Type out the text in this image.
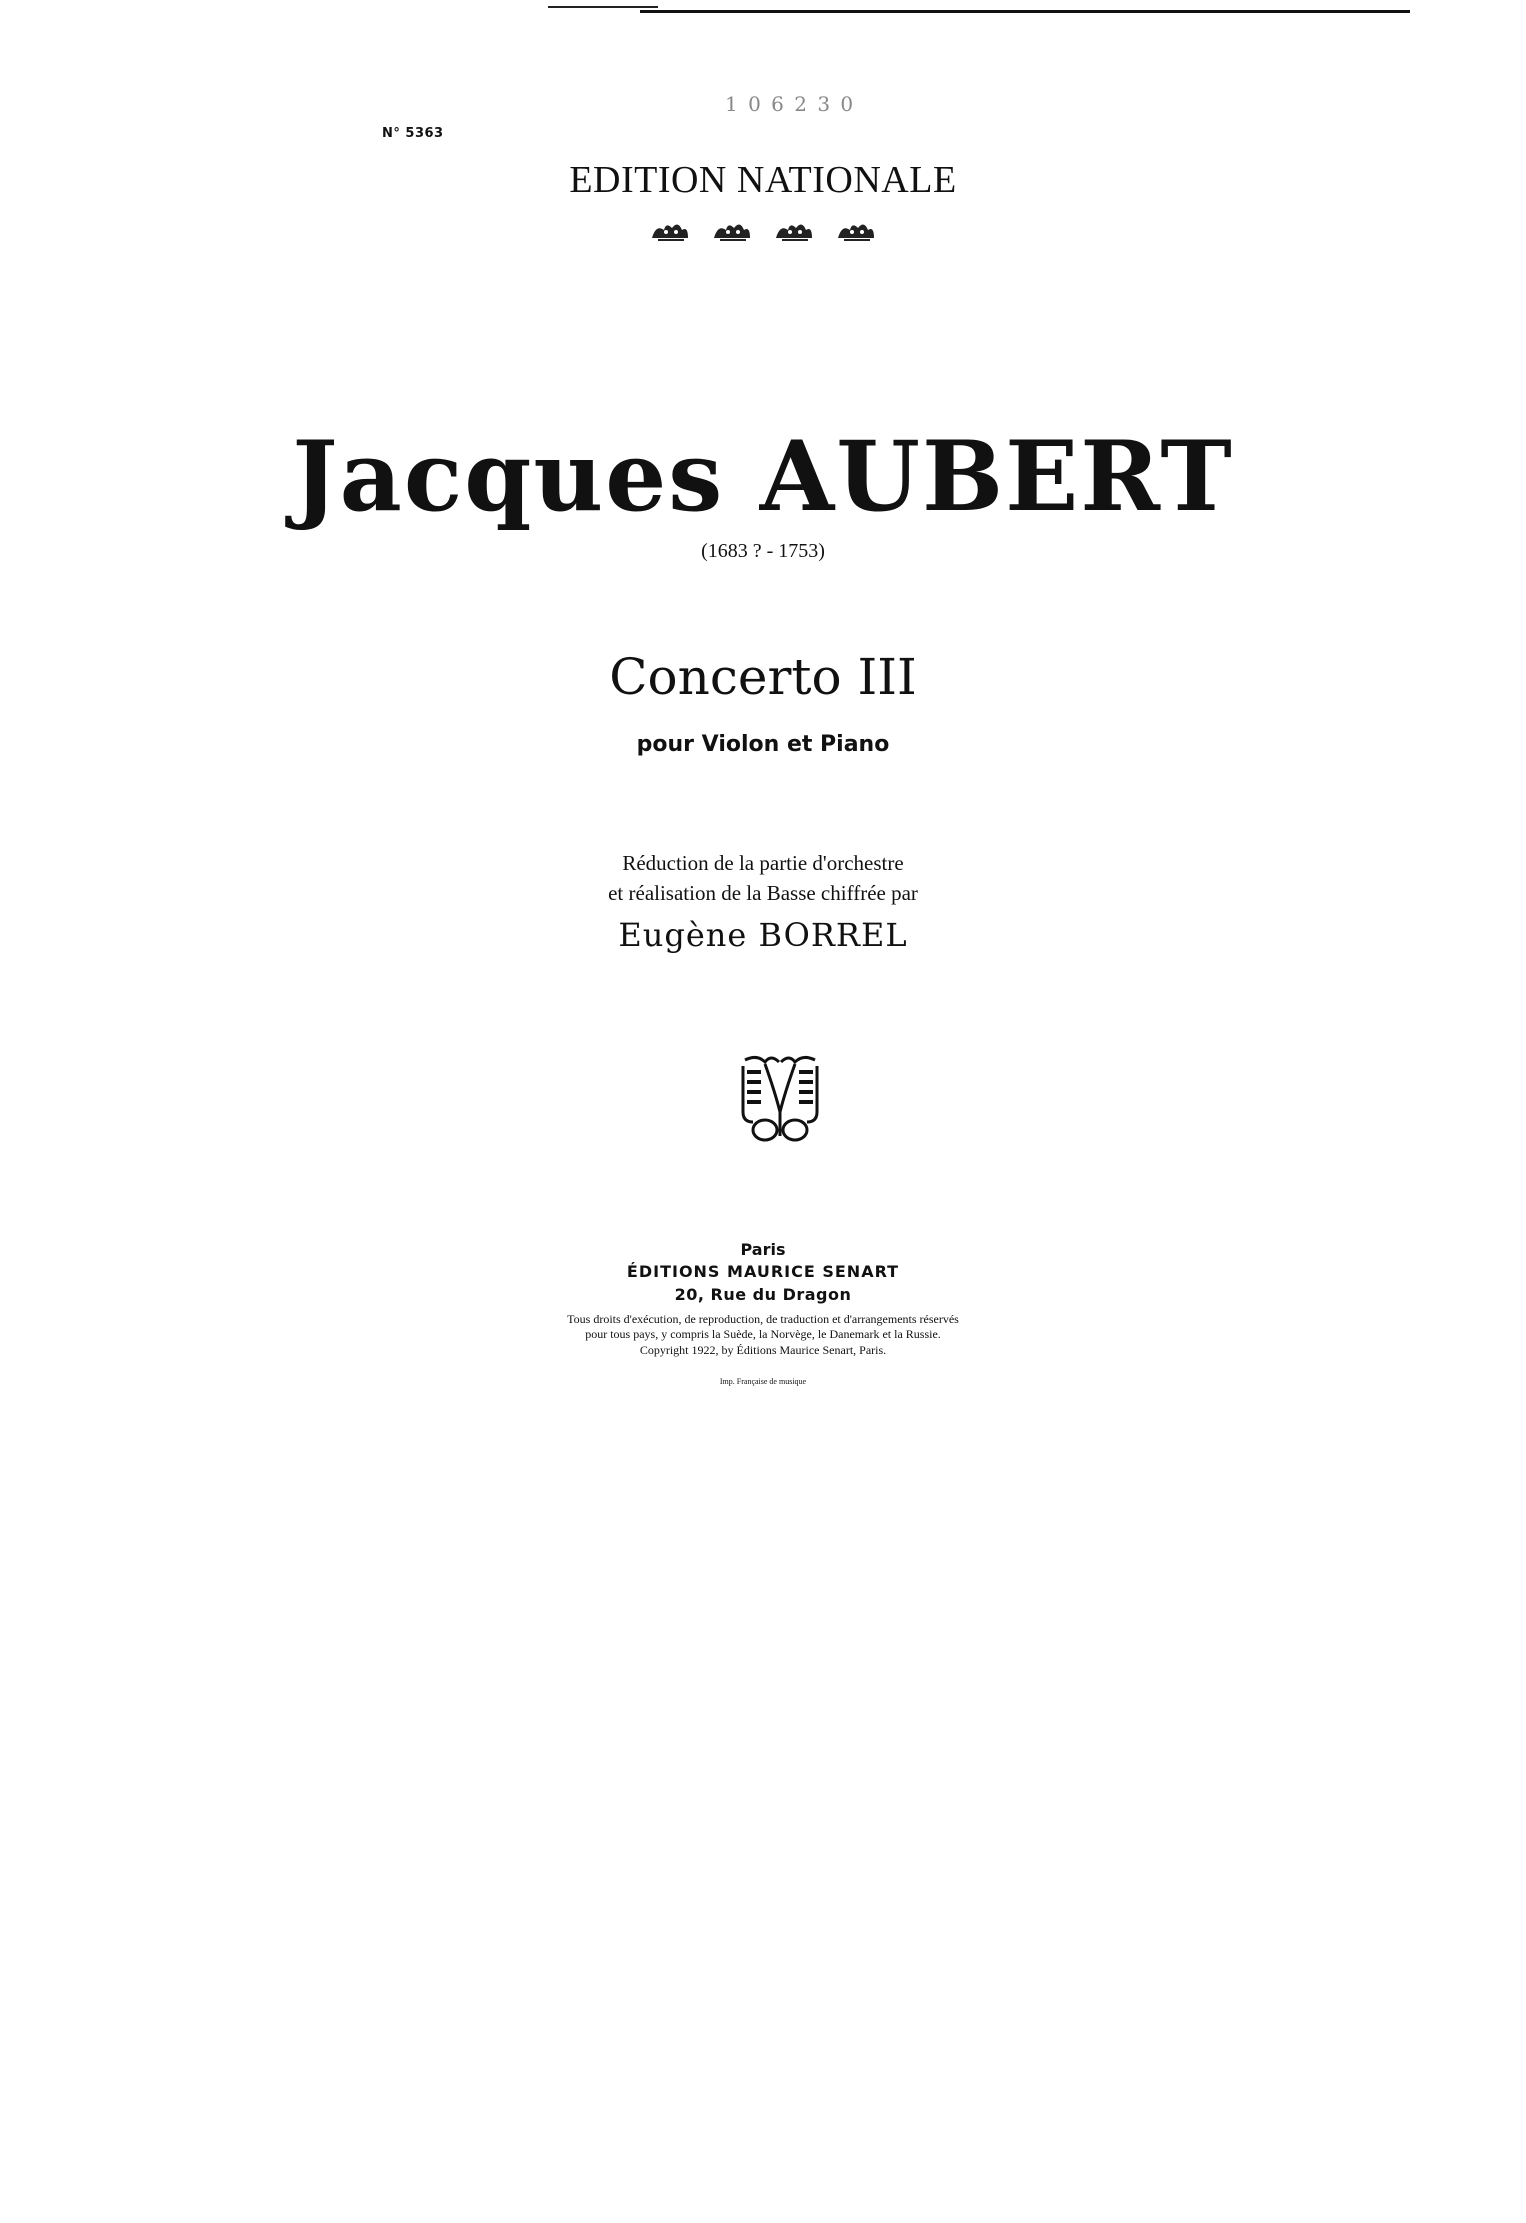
N° 5363
1 0 6 2 3 0
EDITION NATIONALE
Jacques AUBERT
(1683 ? - 1753)
Concerto III
pour Violon et Piano
Réduction de la partie d'orchestre
et réalisation de la Basse chiffrée par
Eugène BORREL
Paris
ÉDITIONS MAURICE SENART
20, Rue du Dragon
Tous droits d'exécution, de reproduction, de traduction et d'arrangements réservés
pour tous pays, y compris la Suède, la Norvège, le Danemark et la Russie.
Copyright 1922, by Éditions Maurice Senart, Paris.
Imp. Française de musique
